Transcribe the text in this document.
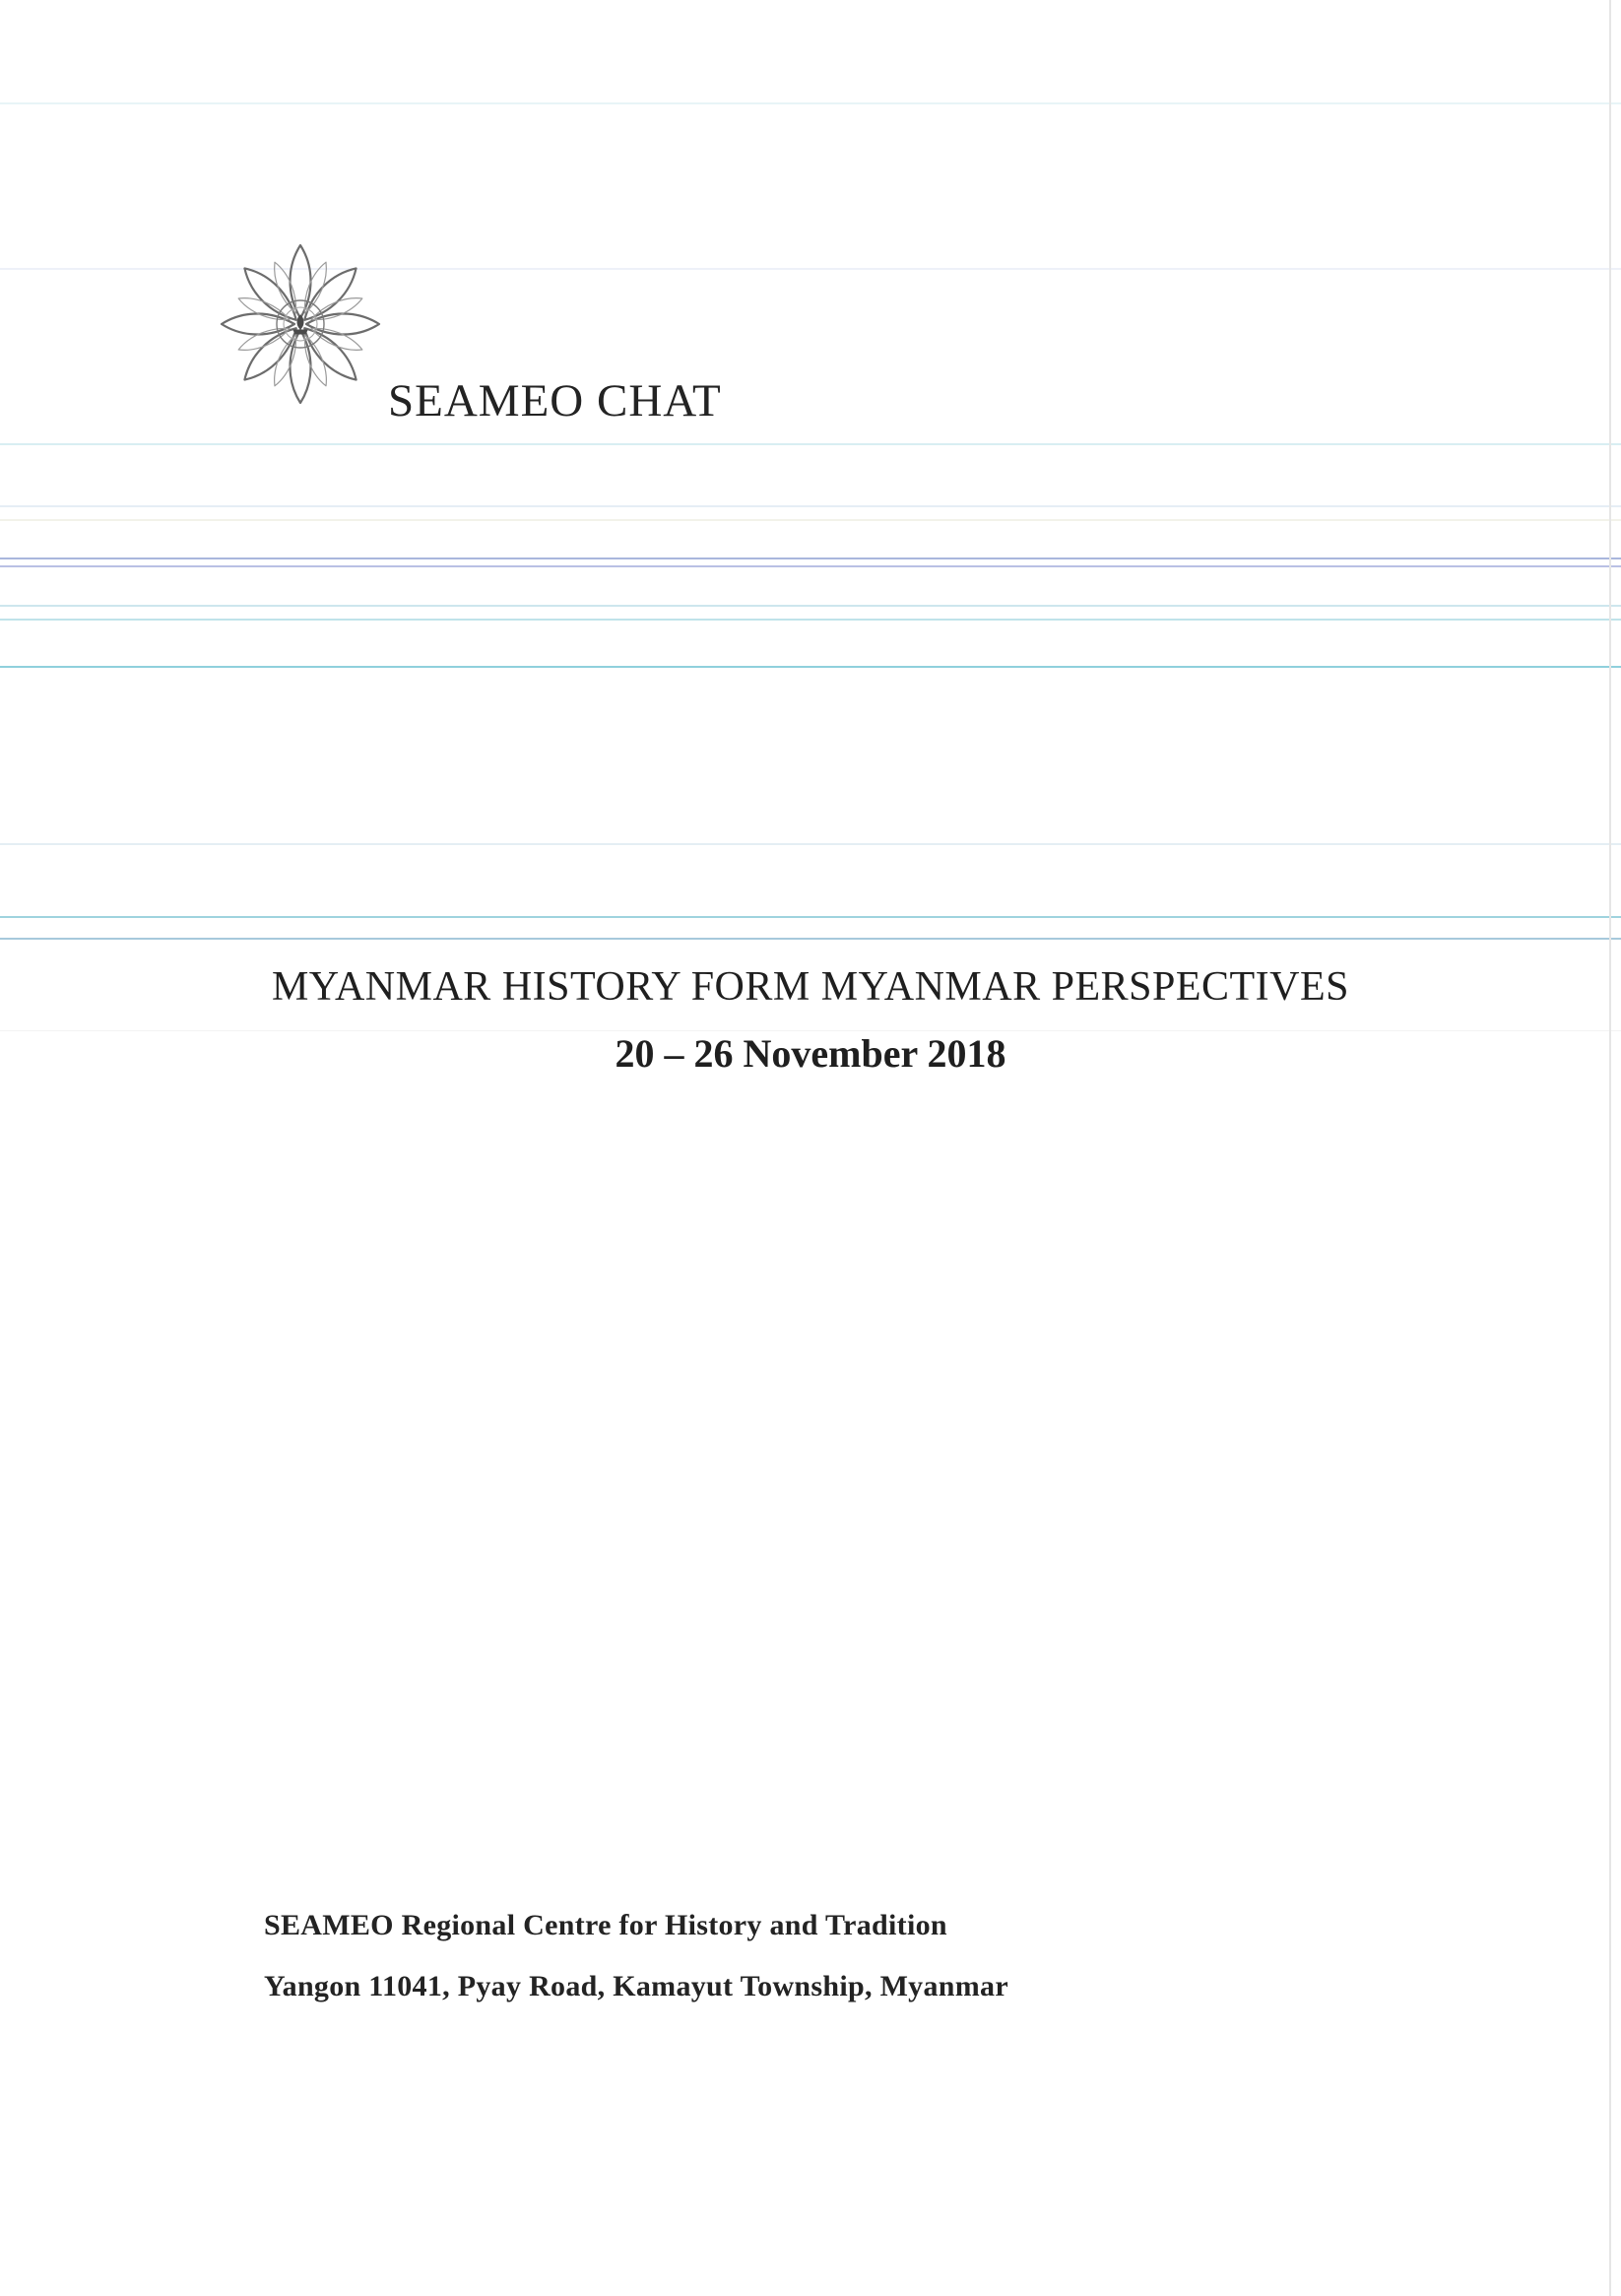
SEAMEO CHAT
MYANMAR HISTORY FORM MYANMAR PERSPECTIVES
20 – 26 November 2018
SEAMEO Regional Centre for History and Tradition
Yangon 11041, Pyay Road, Kamayut Township, Myanmar
